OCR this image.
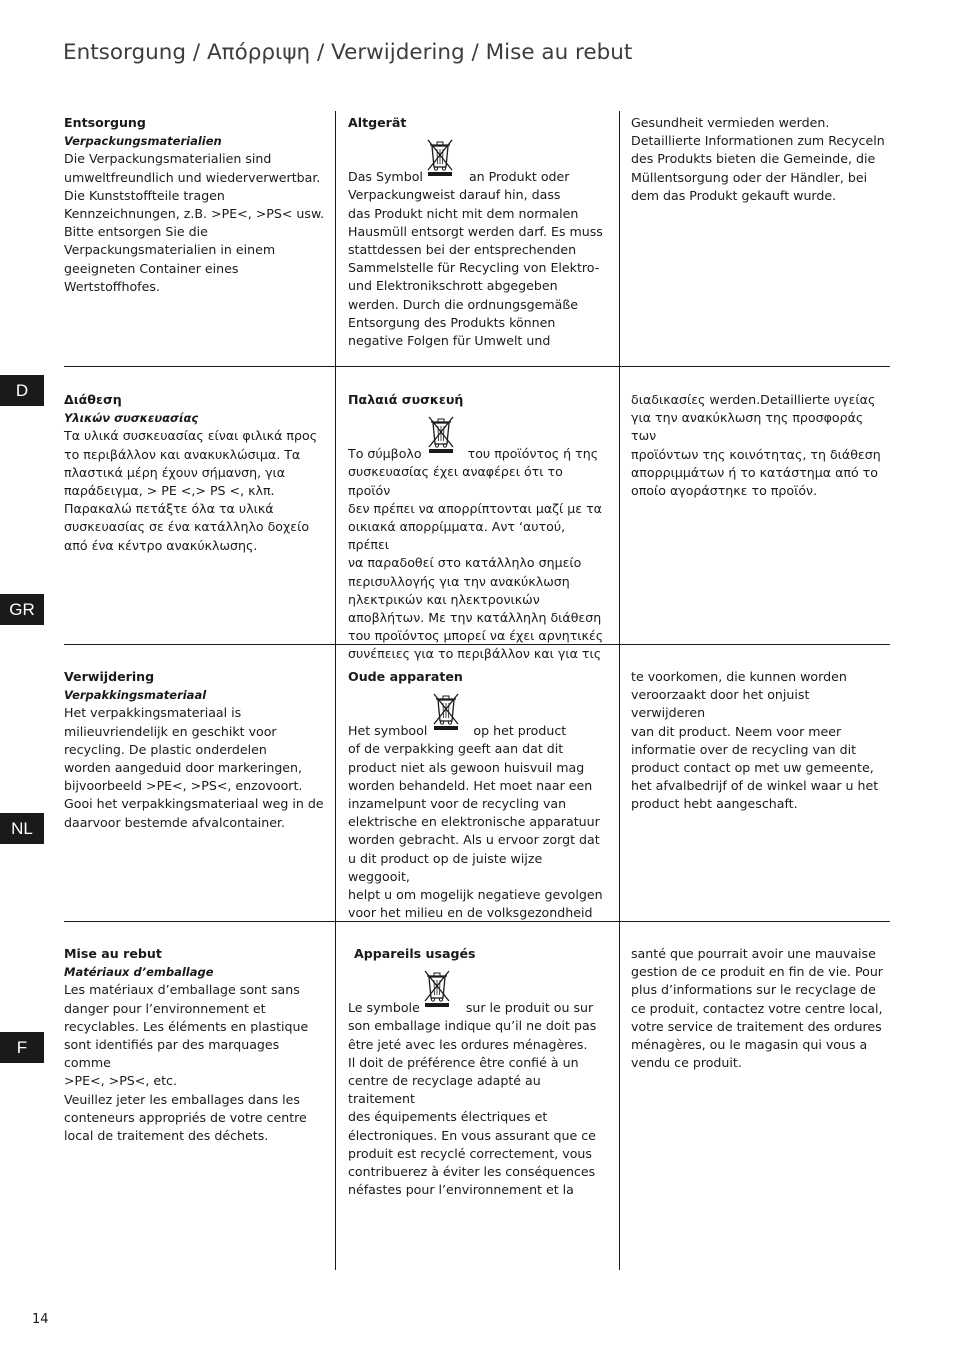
Entsorgung / Απόρριψη / Verwijdering / Mise au rebut
D
GR
NL
F
Entsorgung
Verpackungsmaterialien
Die Verpackungsmaterialien sind
umweltfreundlich und wiederverwertbar.
Die Kunststoffteile tragen
Kennzeichnungen, z.B. >PE<, >PS< usw.
Bitte entsorgen Sie die
Verpackungsmaterialien in einem
geeigneten Container eines
Wertstoffhofes.
Altgerät
Das Symbol	an Produkt oder
Verpackungweist darauf hin, dass
das Produkt nicht mit dem normalen
Hausmüll entsorgt werden darf. Es muss
stattdessen bei der entsprechenden
Sammelstelle für Recycling von Elektro-
und Elektronikschrott abgegeben
werden. Durch die ordnungsgemäße
Entsorgung des Produkts können
negative Folgen für Umwelt und
Gesundheit vermieden werden.
Detaillierte Informationen zum Recyceln
des Produkts bieten die Gemeinde, die
Müllentsorgung oder der Händler, bei
dem das Produkt gekauft wurde.
Διάθεση
Υλικών συσκευασίας
Τα υλικά συσκευασίας είναι φιλικά προς
το περιβάλλον και ανακυκλώσιμα. Τα
πλαστικά μέρη έχουν σήμανση, για
παράδειγμα, > PE <,> PS <, κλπ.
Παρακαλώ πετάξτε όλα τα υλικά
συσκευασίας σε ένα κατάλληλο δοχείο
από ένα κέντρο ανακύκλωσης.
Παλαιά συσκευή
Το σύμβολο	του προϊόντος ή της
συσκευασίας έχει αναφέρει ότι το προϊόν
δεν πρέπει να απορρίπτονται μαζί με τα
οικιακά απορρίμματα. Αντ ‘αυτού, πρέπει
να παραδοθεί στο κατάλληλο σημείο
περισυλλογής για την ανακύκλωση
ηλεκτρικών και ηλεκτρονικών
αποβλήτων. Με την κατάλληλη διάθεση
του προϊόντος μπορεί να έχει αρνητικές
συνέπειες για το περιβάλλον και για τις
διαδικασίες werden.Detaillierte υγείας
για την ανακύκλωση της προσφοράς των
προϊόντων της κοινότητας, τη διάθεση
απορριμμάτων ή το κατάστημα από το
οποίο αγοράστηκε το προϊόν.
Verwijdering
Verpakkingsmateriaal
Het verpakkingsmateriaal is
milieuvriendelijk en geschikt voor
recycling. De plastic onderdelen
worden aangeduid door markeringen,
bijvoorbeeld >PE<, >PS<, enzovoort.
Gooi het verpakkingsmateriaal weg in de
daarvoor bestemde afvalcontainer.
Oude apparaten
Het symbool	op het product
of de verpakking geeft aan dat dit
product niet als gewoon huisvuil mag
worden behandeld. Het moet naar een
inzamelpunt voor de recycling van
elektrische en elektronische apparatuur
worden gebracht. Als u ervoor zorgt dat
u dit product op de juiste wijze weggooit,
helpt u om mogelijk negatieve gevolgen
voor het milieu en de volksgezondheid
te voorkomen, die kunnen worden
veroorzaakt door het onjuist verwijderen
van dit product. Neem voor meer
informatie over de recycling van dit
product contact op met uw gemeente,
het afvalbedrijf of de winkel waar u het
product hebt aangeschaft.
Mise au rebut
Matériaux d’emballage
Les matériaux d’emballage sont sans
danger pour l’environnement et
recyclables. Les éléments en plastique
sont identifiés par des marquages comme
>PE<, >PS<, etc.
Veuillez jeter les emballages dans les
conteneurs appropriés de votre centre
local de traitement des déchets.
Appareils usagés
Le symbole	sur le produit ou sur
son emballage indique qu’il ne doit pas
être jeté avec les ordures ménagères.
Il doit de préférence être confié à un
centre de recyclage adapté au traitement
des équipements électriques et
électroniques. En vous assurant que ce
produit est recyclé correctement, vous
contribuerez à éviter les conséquences
néfastes pour l’environnement et la
santé que pourrait avoir une mauvaise
gestion de ce produit en fin de vie. Pour
plus d’informations sur le recyclage de
ce produit, contactez votre centre local,
votre service de traitement des ordures
ménagères, ou le magasin qui vous a
vendu ce produit.
14
